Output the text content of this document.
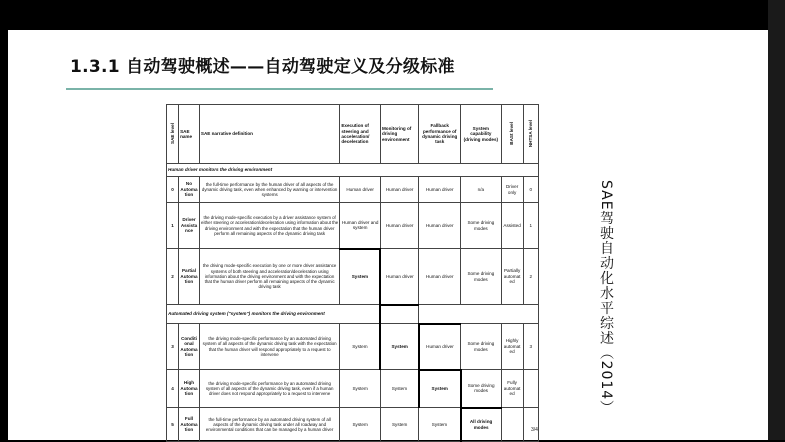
1.3.1 自动驾驶概述——自动驾驶定义及分级标准
SAE level	SAE name	SAE narrative definition	Execution of steering and acceleration/ deceleration	Monitoring of driving environment	Fallback performance of dynamic driving task	System capability (driving modes)	BASt level	NHTSA level
Human driver monitors the driving environment								
0	No Automation	the full-time performance by the human driver of all aspects of the dynamic driving task, even when enhanced by warning or intervention systems	Human driver	Human driver	Human driver	n/a	Driver only	0
1	Driver Assistance	the driving mode-specific execution by a driver assistance system of either steering or acceleration/deceleration using information about the driving environment and with the expectation that the human driver perform all remaining aspects of the dynamic driving task	Human driver and system	Human driver	Human driver	Some driving modes	Assisted	1
2	Partial Automation	the driving mode-specific execution by one or more driver assistance systems of both steering and acceleration/deceleration using information about the driving environment and with the expectation that the human driver perform all remaining aspects of the dynamic driving task	System	Human driver	Human driver	Some driving modes	Partially automated	2
Automated driving system ("system") monitors the driving environment								
3	Conditional Automation	the driving mode-specific performance by an automated driving system of all aspects of the dynamic driving task with the expectation that the human driver will respond appropriately to a request to intervene	System	System	Human driver	Some driving modes	Highly automated	3
4	High Automation	the driving mode-specific performance by an automated driving system of all aspects of the dynamic driving task, even if a human driver does not respond appropriately to a request to intervene	System	System	System	Some driving modes	Fully automated	
5	Full Automation	the full-time performance by an automated driving system of all aspects of the dynamic driving task under all roadway and environmental conditions that can be managed by a human driver	System	System	System	All driving modes			3/4
SAE驾驶自动化水平综述（2014）
